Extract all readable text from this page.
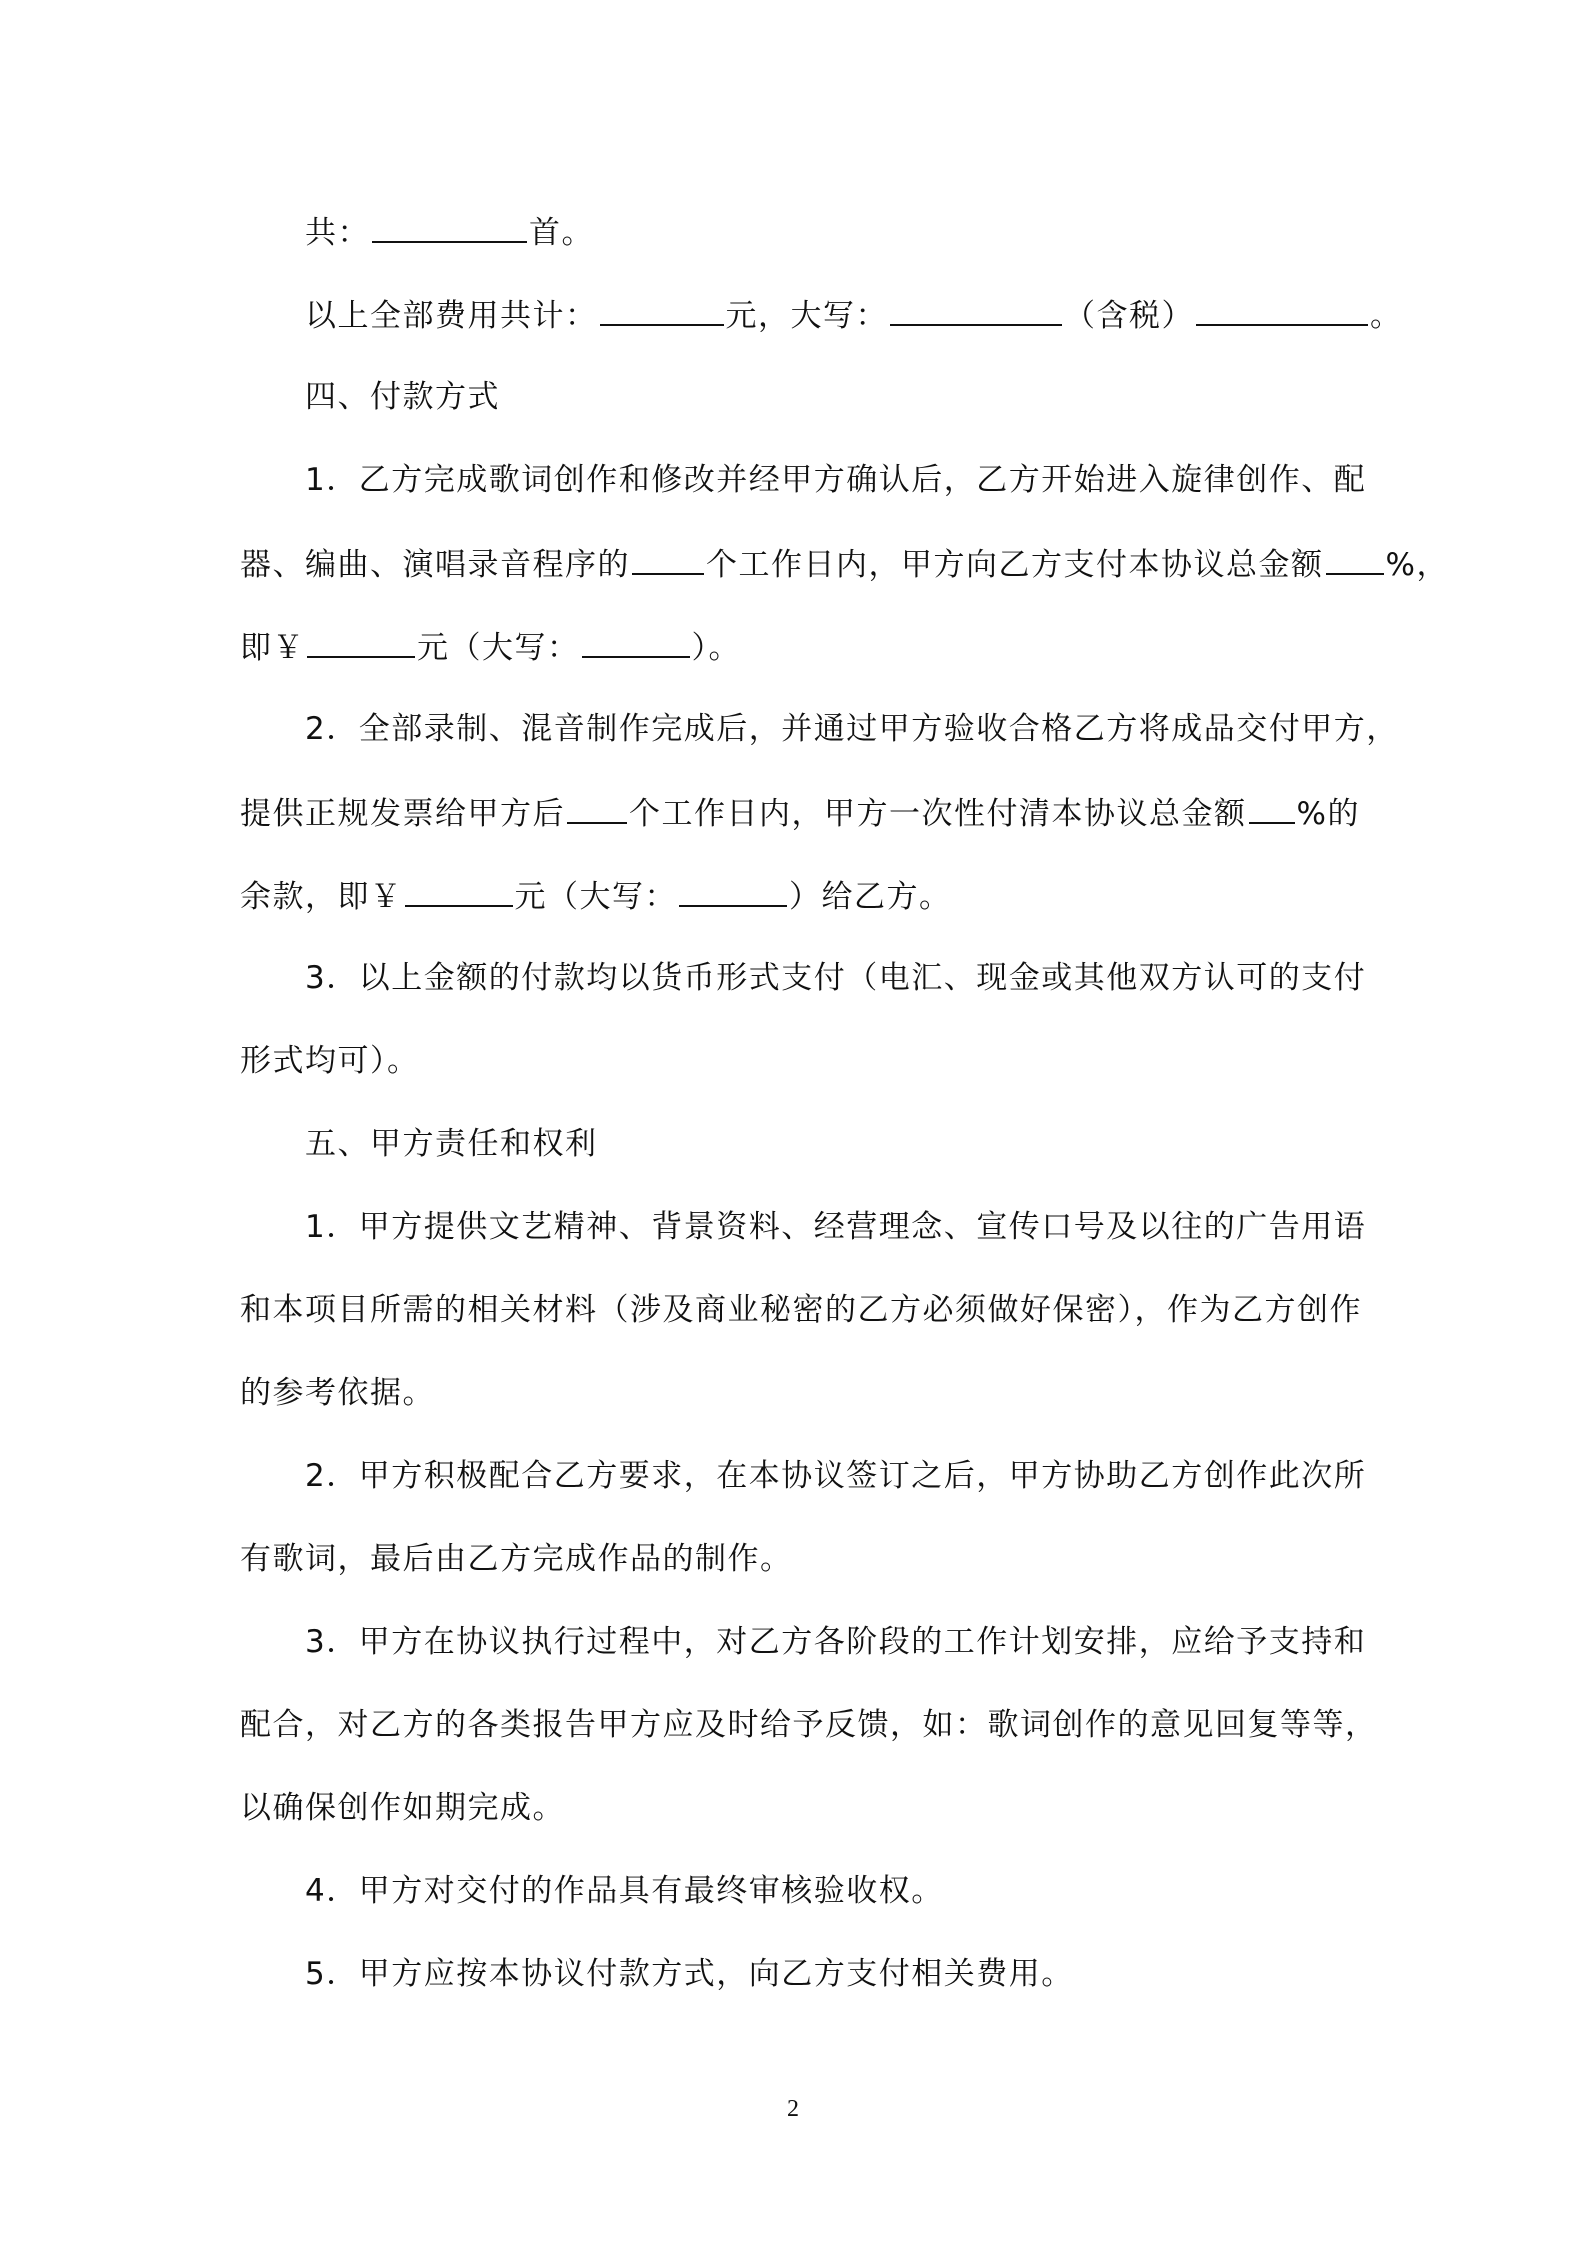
共：	首。
以上全部费用共计：	元，大写：	（含税）	。
四、付款方式
1．乙方完成歌词创作和修改并经甲方确认后，乙方开始进入旋律创作、配
器、编曲、演唱录音程序的 个工作日内，甲方向乙方支付本协议总金额 %，
即￥	元（大写：	）。
2．全部录制、混音制作完成后，并通过甲方验收合格乙方将成品交付甲方，
提供正规发票给甲方后 个工作日内，甲方一次性付清本协议总金额 %的
余款，即￥	元（大写：	）给乙方。
3．以上金额的付款均以货币形式支付（电汇、现金或其他双方认可的支付
形式均可）。
五、甲方责任和权利
1．甲方提供文艺精神、背景资料、经营理念、宣传口号及以往的广告用语
和本项目所需的相关材料（涉及商业秘密的乙方必须做好保密），作为乙方创作
的参考依据。
2．甲方积极配合乙方要求，在本协议签订之后，甲方协助乙方创作此次所
有歌词，最后由乙方完成作品的制作。
3．甲方在协议执行过程中，对乙方各阶段的工作计划安排，应给予支持和
配合，对乙方的各类报告甲方应及时给予反馈，如：歌词创作的意见回复等等，
以确保创作如期完成。
4．甲方对交付的作品具有最终审核验收权。
5．甲方应按本协议付款方式，向乙方支付相关费用。
2
